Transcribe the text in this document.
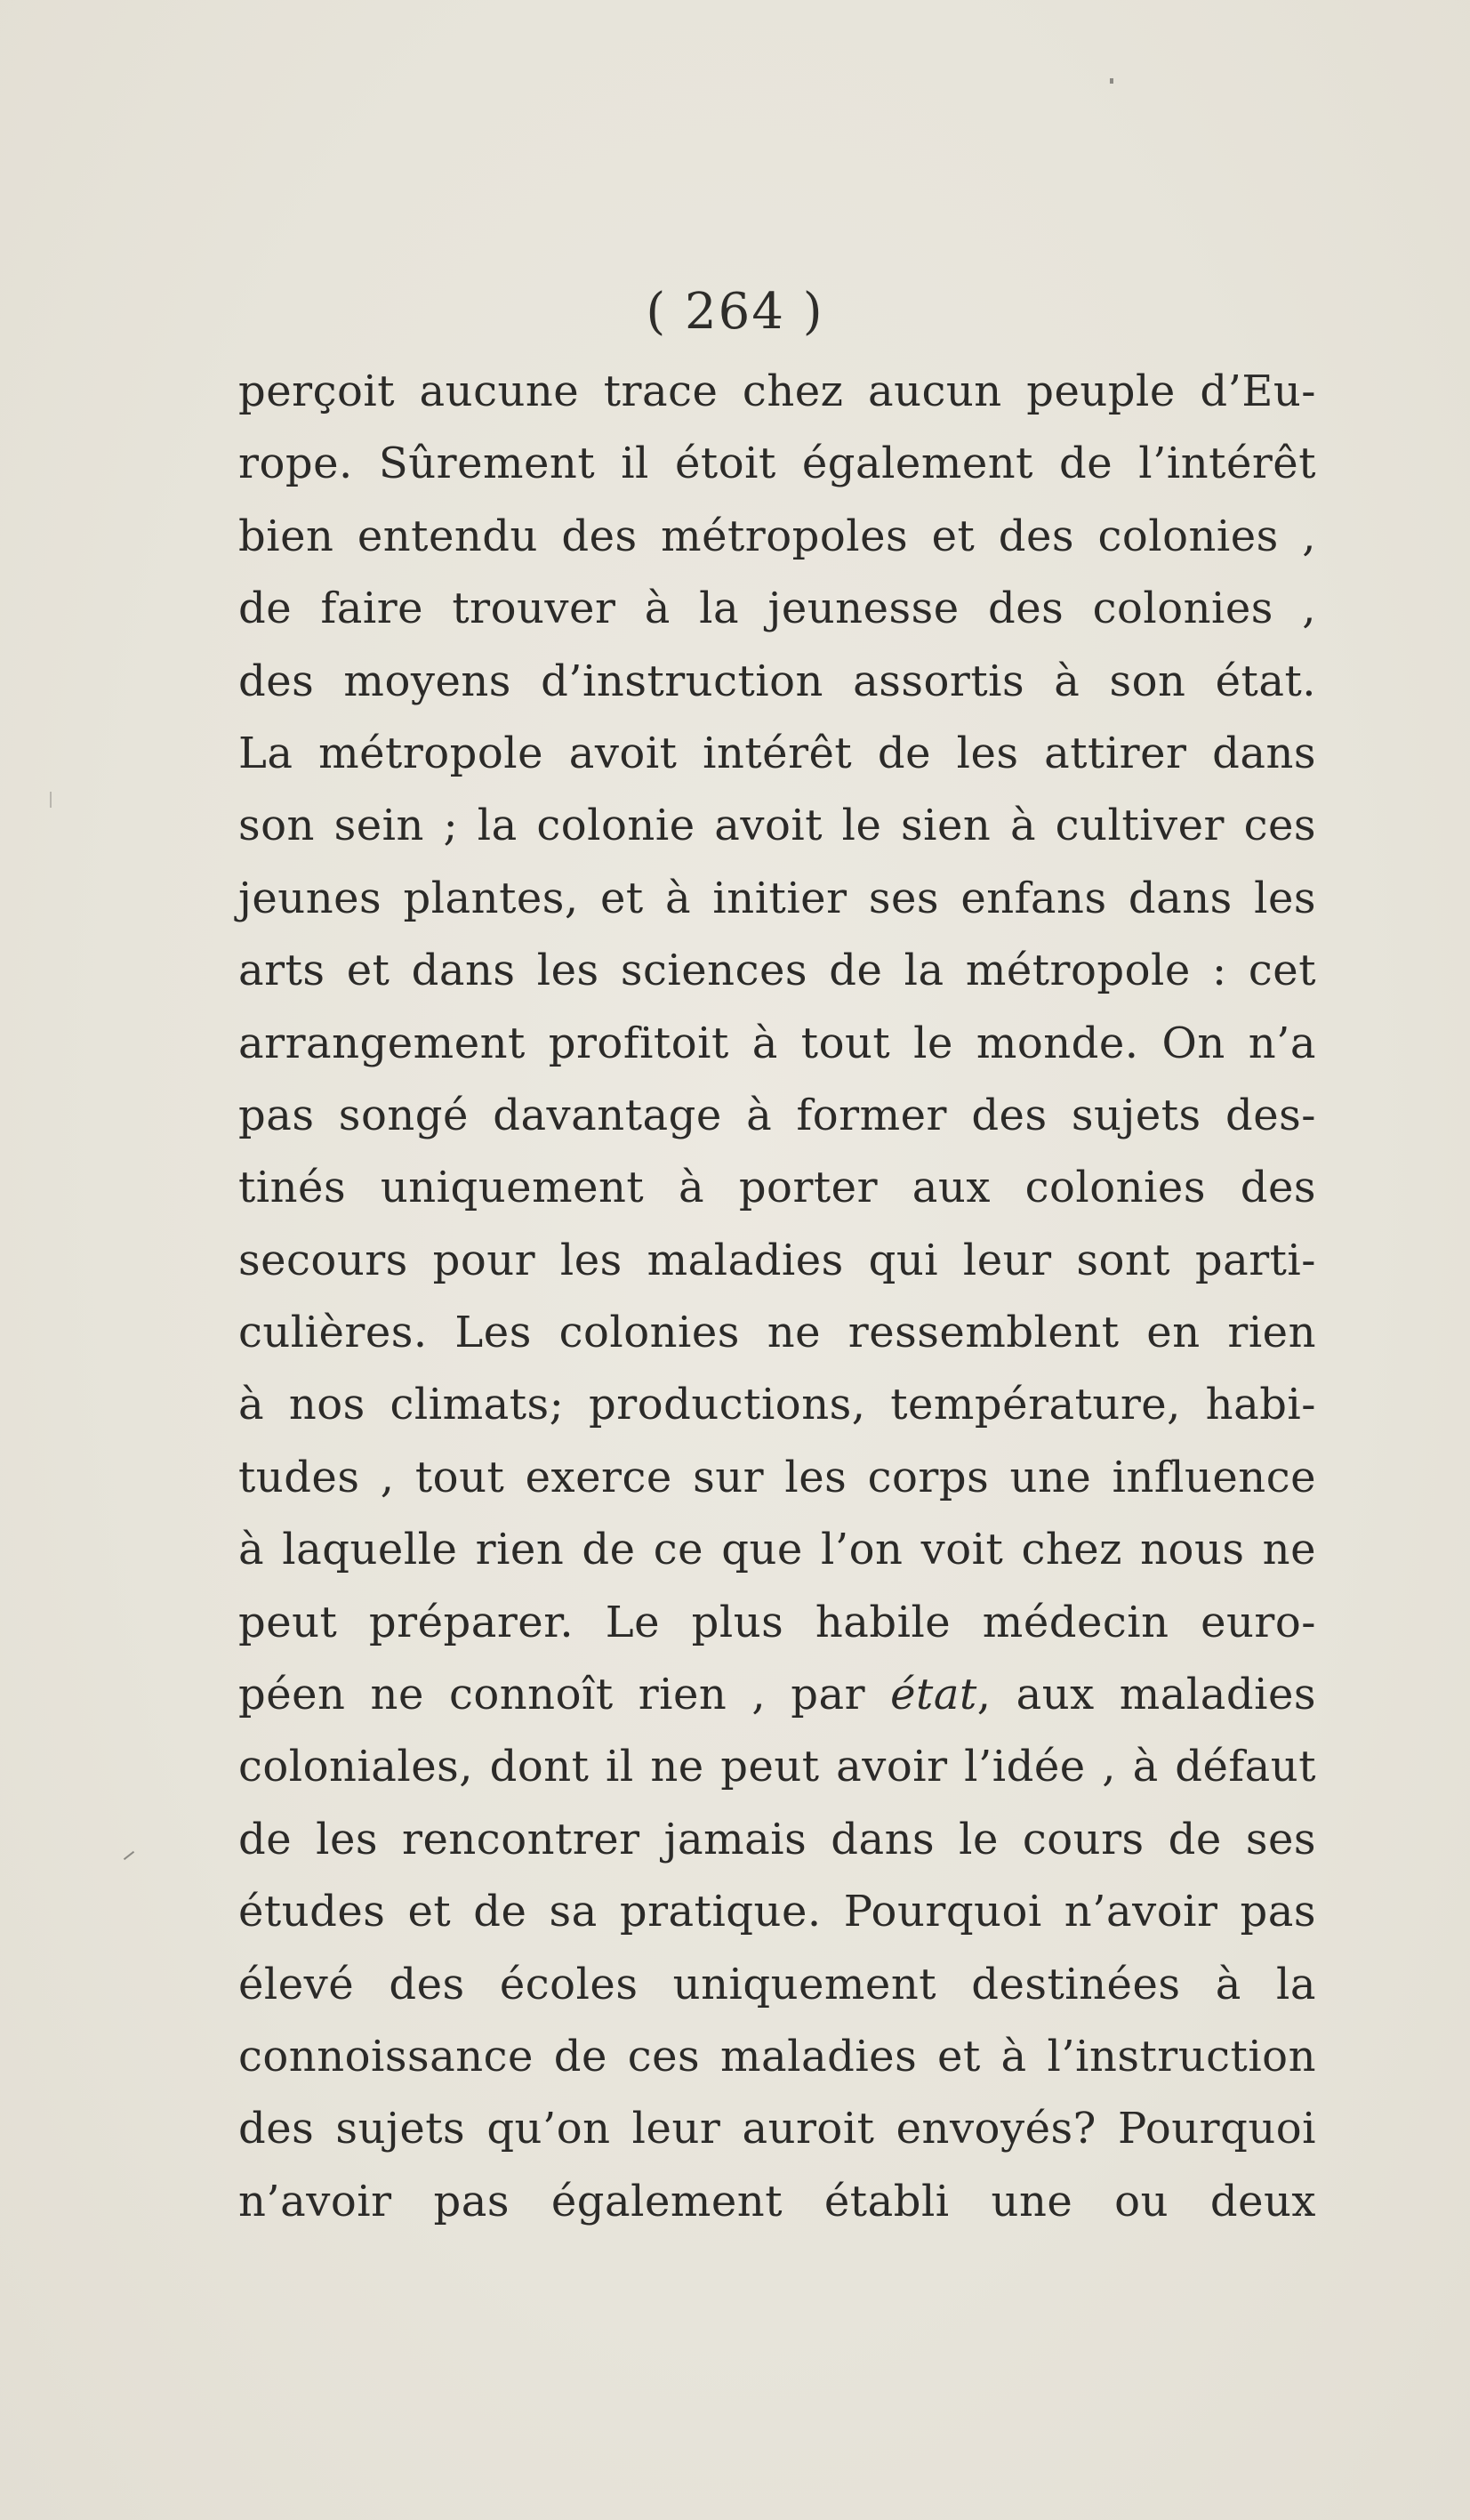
( 264 )
perçoit aucune trace chez aucun peuple d’Eu-
rope. Sûrement il étoit également de l’intérêt
bien entendu des métropoles et des colonies ,
de faire trouver à la jeunesse des colonies ,
des moyens d’instruction assortis à son état.
La métropole avoit intérêt de les attirer dans
son sein ; la colonie avoit le sien à cultiver ces
jeunes plantes, et à initier ses enfans dans les
arts et dans les sciences de la métropole : cet
arrangement profitoit à tout le monde. On n’a
pas songé davantage à former des sujets des-
tinés uniquement à porter aux colonies des
secours pour les maladies qui leur sont parti-
culières. Les colonies ne ressemblent en rien
à nos climats; productions, température, habi-
tudes , tout exerce sur les corps une influence
à laquelle rien de ce que l’on voit chez nous ne
peut préparer. Le plus habile médecin euro-
péen ne connoît rien , par état, aux maladies
coloniales, dont il ne peut avoir l’idée , à défaut
de les rencontrer jamais dans le cours de ses
études et de sa pratique. Pourquoi n’avoir pas
élevé des écoles uniquement destinées à la
connoissance de ces maladies et à l’instruction
des sujets qu’on leur auroit envoyés? Pourquoi
n’avoir pas également établi une ou deux
